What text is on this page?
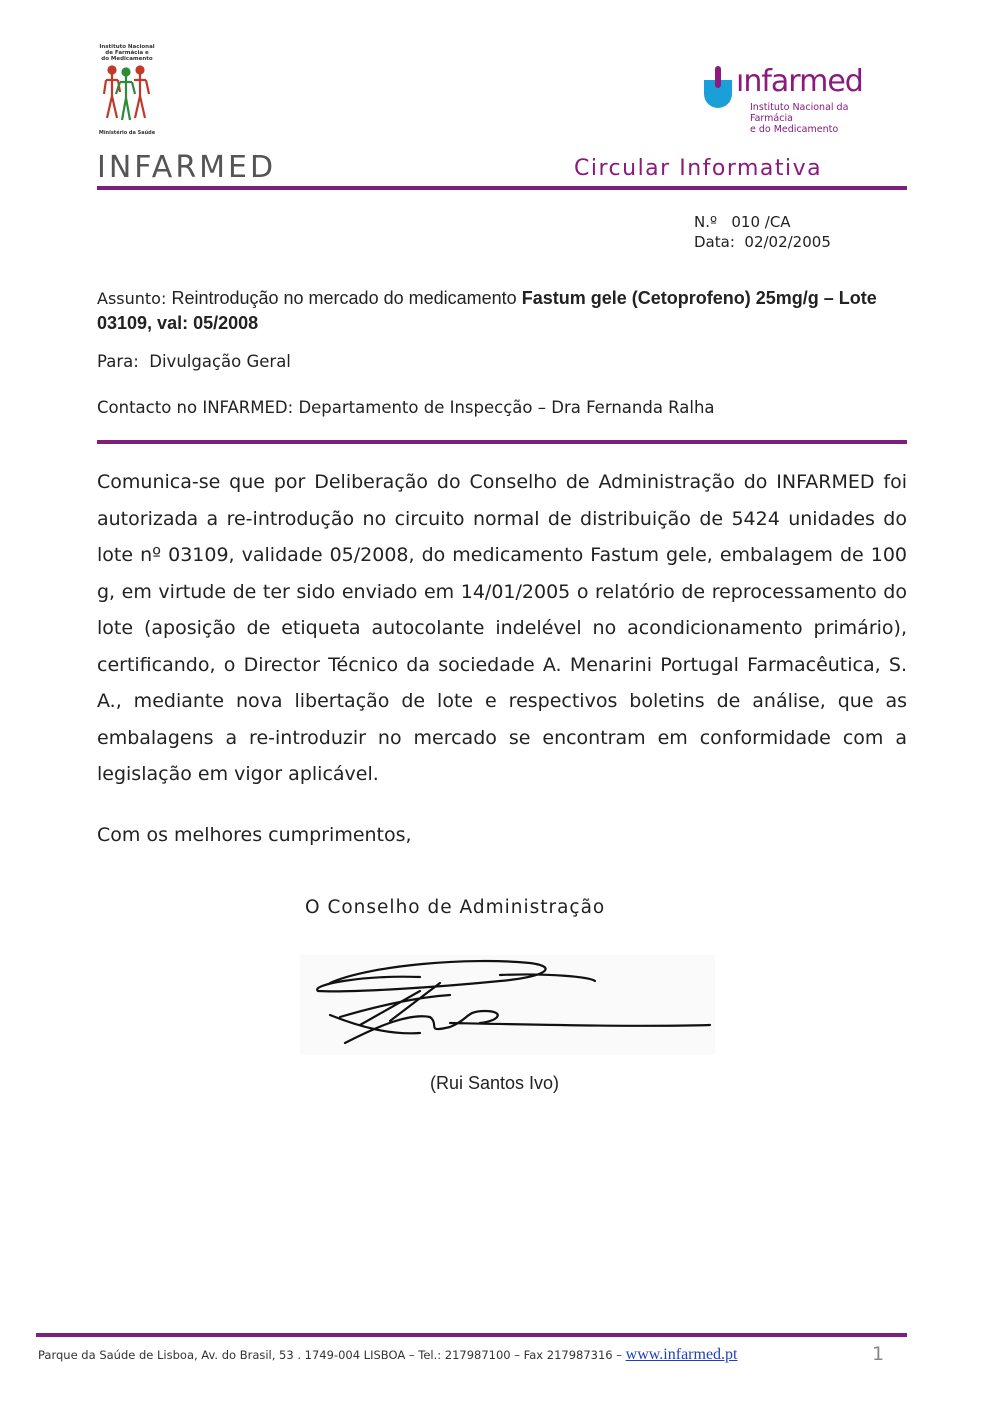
Instituto Nacional
de Farmácia e
do Medicamento
Ministério da Saúde
ınfarmed
Instituto Nacional da Farmácia
e do Medicamento
INFARMED	Circular Informativa
N.º   010 /CA
Data:  02/02/2005
Assunto: Reintrodução no mercado do medicamento Fastum gele (Cetoprofeno) 25mg/g – Lote 03109, val: 05/2008
Para:  Divulgação Geral
Contacto no INFARMED: Departamento de Inspecção – Dra Fernanda Ralha
Comunica-se que por Deliberação do Conselho de Administração do INFARMED foi autorizada a re-introdução no circuito normal de distribuição de 5424 unidades do lote nº 03109, validade 05/2008, do medicamento Fastum gele, embalagem de 100 g, em virtude de ter sido enviado em 14/01/2005 o relatório de reprocessamento do lote (aposição de etiqueta autocolante indelével no acondicionamento primário), certificando, o Director Técnico da sociedade A. Menarini Portugal Farmacêutica, S. A., mediante nova libertação de lote e respectivos boletins de análise, que as embalagens a re-introduzir no mercado se encontram em conformidade com a legislação em vigor aplicável.
Com os melhores cumprimentos,
O Conselho de Administração
(Rui Santos Ivo)
Parque da Saúde de Lisboa, Av. do Brasil, 53 . 1749-004 LISBOA – Tel.: 217987100 – Fax 217987316 – www.infarmed.pt	1
